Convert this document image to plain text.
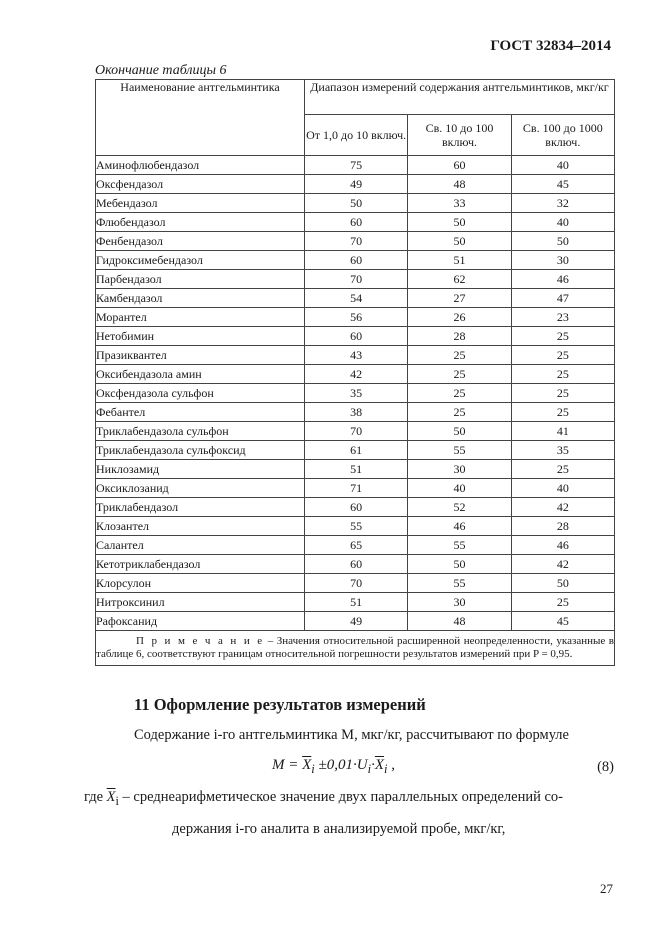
ГОСТ 32834–2014
Окончание таблицы 6
Наименование антгельминтика	Диапазон измерений содержания антгельминтиков, мкг/кг		
	От 1,0 до 10 включ.	Св. 10 до 100 включ.	Св. 100 до 1000 включ.
Аминофлюбендазол	75	60	40
Оксфендазол	49	48	45
Мебендазол	50	33	32
Флюбендазол	60	50	40
Фенбендазол	70	50	50
Гидроксимебендазол	60	51	30
Парбендазол	70	62	46
Камбендазол	54	27	47
Морантел	56	26	23
Нетобимин	60	28	25
Празиквантел	43	25	25
Оксибендазола амин	42	25	25
Оксфендазола сульфон	35	25	25
Фебантел	38	25	25
Триклабендазола сульфон	70	50	41
Триклабендазола сульфоксид	61	55	35
Никлозамид	51	30	25
Оксиклозанид	71	40	40
Триклабендазол	60	52	42
Клозантел	55	46	28
Салантел	65	55	46
Кетотриклабендазол	60	50	42
Клорсулон	70	55	50
Нитроксинил	51	30	25
Рафоксанид	49	48	45
П р и м е ч а н и е – Значения относительной расширенной неопределенности, указанные в таблице 6, соответствуют границам относительной погрешности результатов измерений при P = 0,95.			
11 Оформление результатов измерений
Содержание i-го антгельминтика M, мкг/кг, рассчитывают по формуле
$M = \overline{X}_i \pm 0,01\cdot U_i\cdot\overline{X}_i$ ,	(8)
где $\overline{X}_i$ – среднеарифметическое значение двух параллельных определений со-
держания i-го аналита в анализируемой пробе, мкг/кг,
27
